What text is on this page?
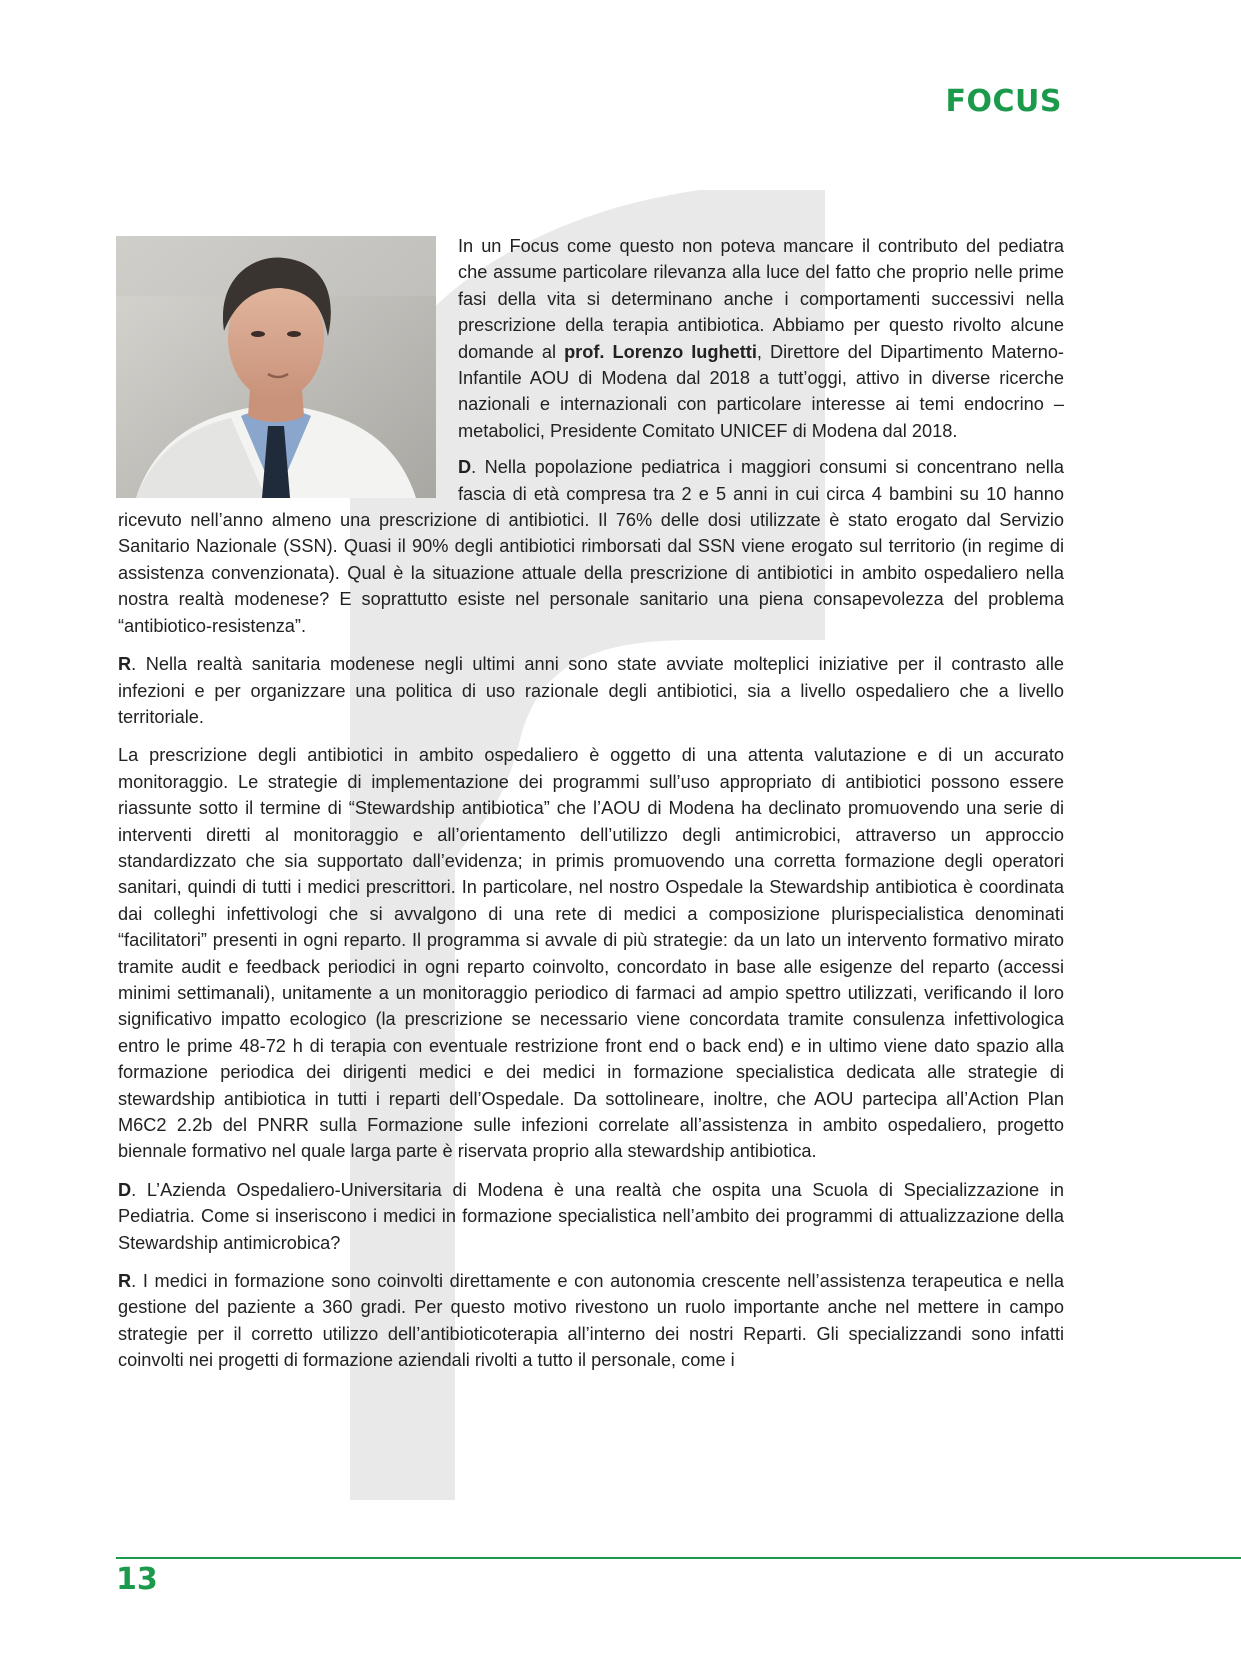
FOCUS

In un Focus come questo non poteva mancare il contributo del pediatra che assume particolare rilevanza alla luce del fatto che proprio nelle prime fasi della vita si determinano anche i comportamenti successivi nella prescrizione della terapia antibiotica. Abbiamo per questo rivolto alcune domande al prof. Lorenzo Iughetti, Direttore del Dipartimento Materno-Infantile AOU di Modena dal 2018 a tutt’oggi, attivo in diverse ricerche nazionali e internazionali con particolare interesse ai temi endocrino –metabolici, Presidente Comitato UNICEF di Modena dal 2018.

D. Nella popolazione pediatrica i maggiori consumi si concentrano nella fascia di età compresa tra 2 e 5 anni in cui circa 4 bambini su 10 hanno ricevuto nell’anno almeno una prescrizione di antibiotici. Il 76% delle dosi utilizzate è stato erogato dal Servizio Sanitario Nazionale (SSN). Quasi il 90% degli antibiotici rimborsati dal SSN viene erogato sul territorio (in regime di assistenza convenzionata). Qual è la situazione attuale della prescrizione di antibiotici in ambito ospedaliero nella nostra realtà modenese? E soprattutto esiste nel personale sanitario una piena consapevolezza del problema “antibiotico-resistenza”.

R. Nella realtà sanitaria modenese negli ultimi anni sono state avviate molteplici iniziative per il contrasto alle infezioni e per organizzare una politica di uso razionale degli antibiotici, sia a livello ospedaliero che a livello territoriale.

La prescrizione degli antibiotici in ambito ospedaliero è oggetto di una attenta valutazione e di un accurato monitoraggio. Le strategie di implementazione dei programmi sull’uso appropriato di antibiotici possono essere riassunte sotto il termine di “Stewardship antibiotica” che l’AOU di Modena ha declinato promuovendo una serie di interventi diretti al monitoraggio e all’orientamento dell’utilizzo degli antimicrobici, attraverso un approccio standardizzato che sia supportato dall’evidenza; in primis promuovendo una corretta formazione degli operatori sanitari, quindi di tutti i medici prescrittori. In particolare, nel nostro Ospedale la Stewardship antibiotica è coordinata dai colleghi infettivologi che si avvalgono di una rete di medici a composizione plurispecialistica denominati “facilitatori” presenti in ogni reparto. Il programma si avvale di più strategie: da un lato un intervento formativo mirato tramite audit e feedback periodici in ogni reparto coinvolto, concordato in base alle esigenze del reparto (accessi minimi settimanali), unitamente a un monitoraggio periodico di farmaci ad ampio spettro utilizzati, verificando il loro significativo impatto ecologico (la prescrizione se necessario viene concordata tramite consulenza infettivologica entro le prime 48-72 h di terapia con eventuale restrizione front end o back end) e in ultimo viene dato spazio alla formazione periodica dei dirigenti medici e dei medici in formazione specialistica dedicata alle strategie di stewardship antibiotica in tutti i reparti dell’Ospedale. Da sottolineare, inoltre, che AOU partecipa all’Action Plan M6C2 2.2b del PNRR sulla Formazione sulle infezioni correlate all’assistenza in ambito ospedaliero, progetto biennale formativo nel quale larga parte è riservata proprio alla stewardship antibiotica.

D. L’Azienda Ospedaliero-Universitaria di Modena è una realtà che ospita una Scuola di Specializzazione in Pediatria. Come si inseriscono i medici in formazione specialistica nell’ambito dei programmi di attualizzazione della Stewardship antimicrobica?

R. I medici in formazione sono coinvolti direttamente e con autonomia crescente nell’assistenza terapeutica e nella gestione del paziente a 360 gradi. Per questo motivo rivestono un ruolo importante anche nel mettere in campo strategie per il corretto utilizzo dell’antibioticoterapia all’interno dei nostri Reparti. Gli specializzandi sono infatti coinvolti nei progetti di formazione aziendali rivolti a tutto il personale, come i

13
